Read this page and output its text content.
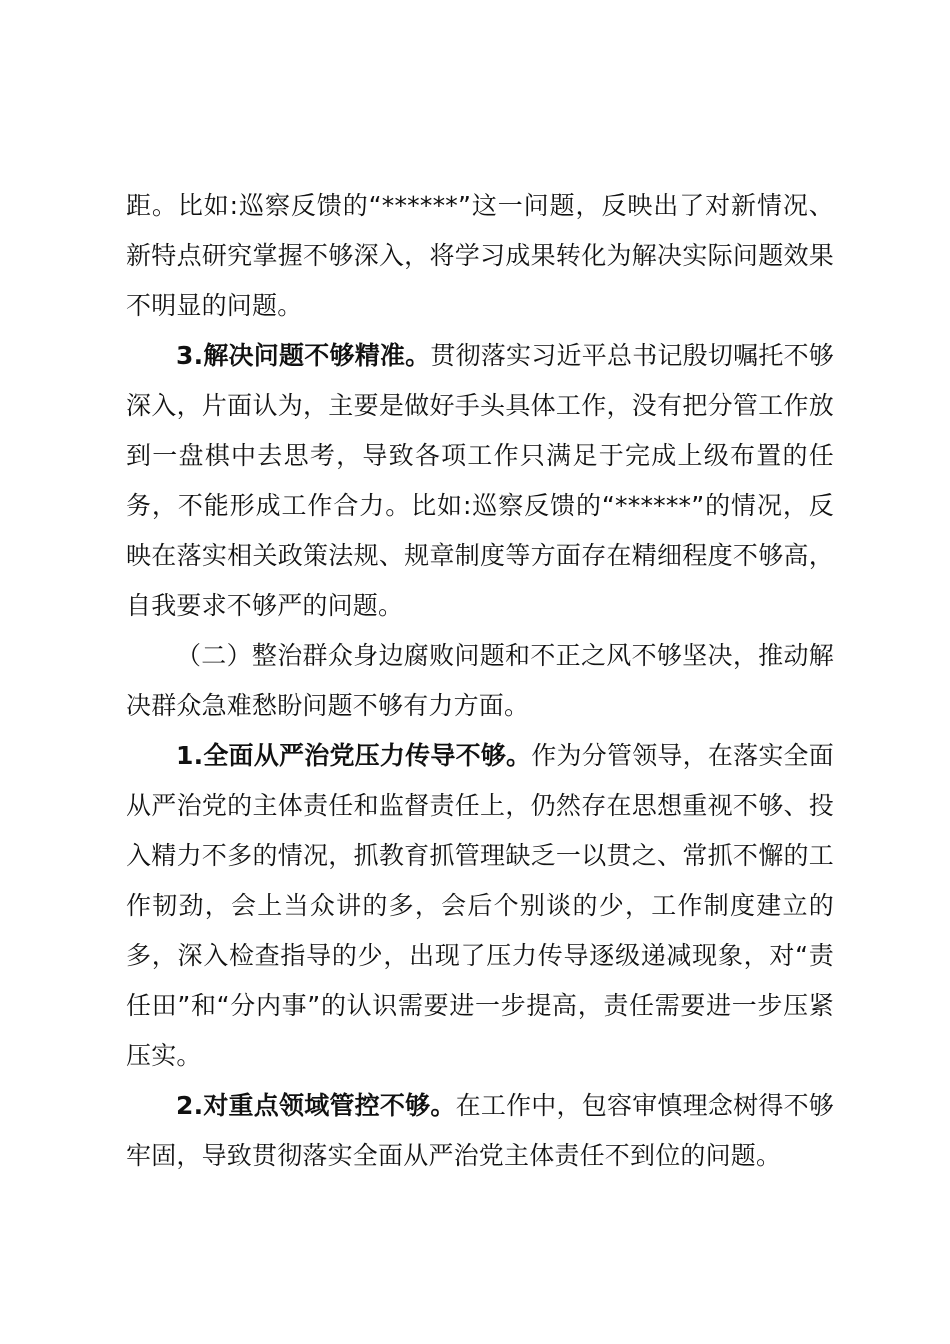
距。比如:巡察反馈的“******”这一问题，反映出了对新情况、新特点研究掌握不够深入，将学习成果转化为解决实际问题效果不明显的问题。

3.解决问题不够精准。贯彻落实习近平总书记殷切嘱托不够深入，片面认为，主要是做好手头具体工作，没有把分管工作放到一盘棋中去思考，导致各项工作只满足于完成上级布置的任务，不能形成工作合力。比如:巡察反馈的“******”的情况，反映在落实相关政策法规、规章制度等方面存在精细程度不够高，自我要求不够严的问题。

（二）整治群众身边腐败问题和不正之风不够坚决，推动解决群众急难愁盼问题不够有力方面。

1.全面从严治党压力传导不够。作为分管领导，在落实全面从严治党的主体责任和监督责任上，仍然存在思想重视不够、投入精力不多的情况，抓教育抓管理缺乏一以贯之、常抓不懈的工作韧劲，会上当众讲的多，会后个别谈的少，工作制度建立的多，深入检查指导的少，出现了压力传导逐级递减现象，对“责任田”和“分内事”的认识需要进一步提高，责任需要进一步压紧压实。

2.对重点领域管控不够。在工作中，包容审慎理念树得不够牢固，导致贯彻落实全面从严治党主体责任不到位的问题。
